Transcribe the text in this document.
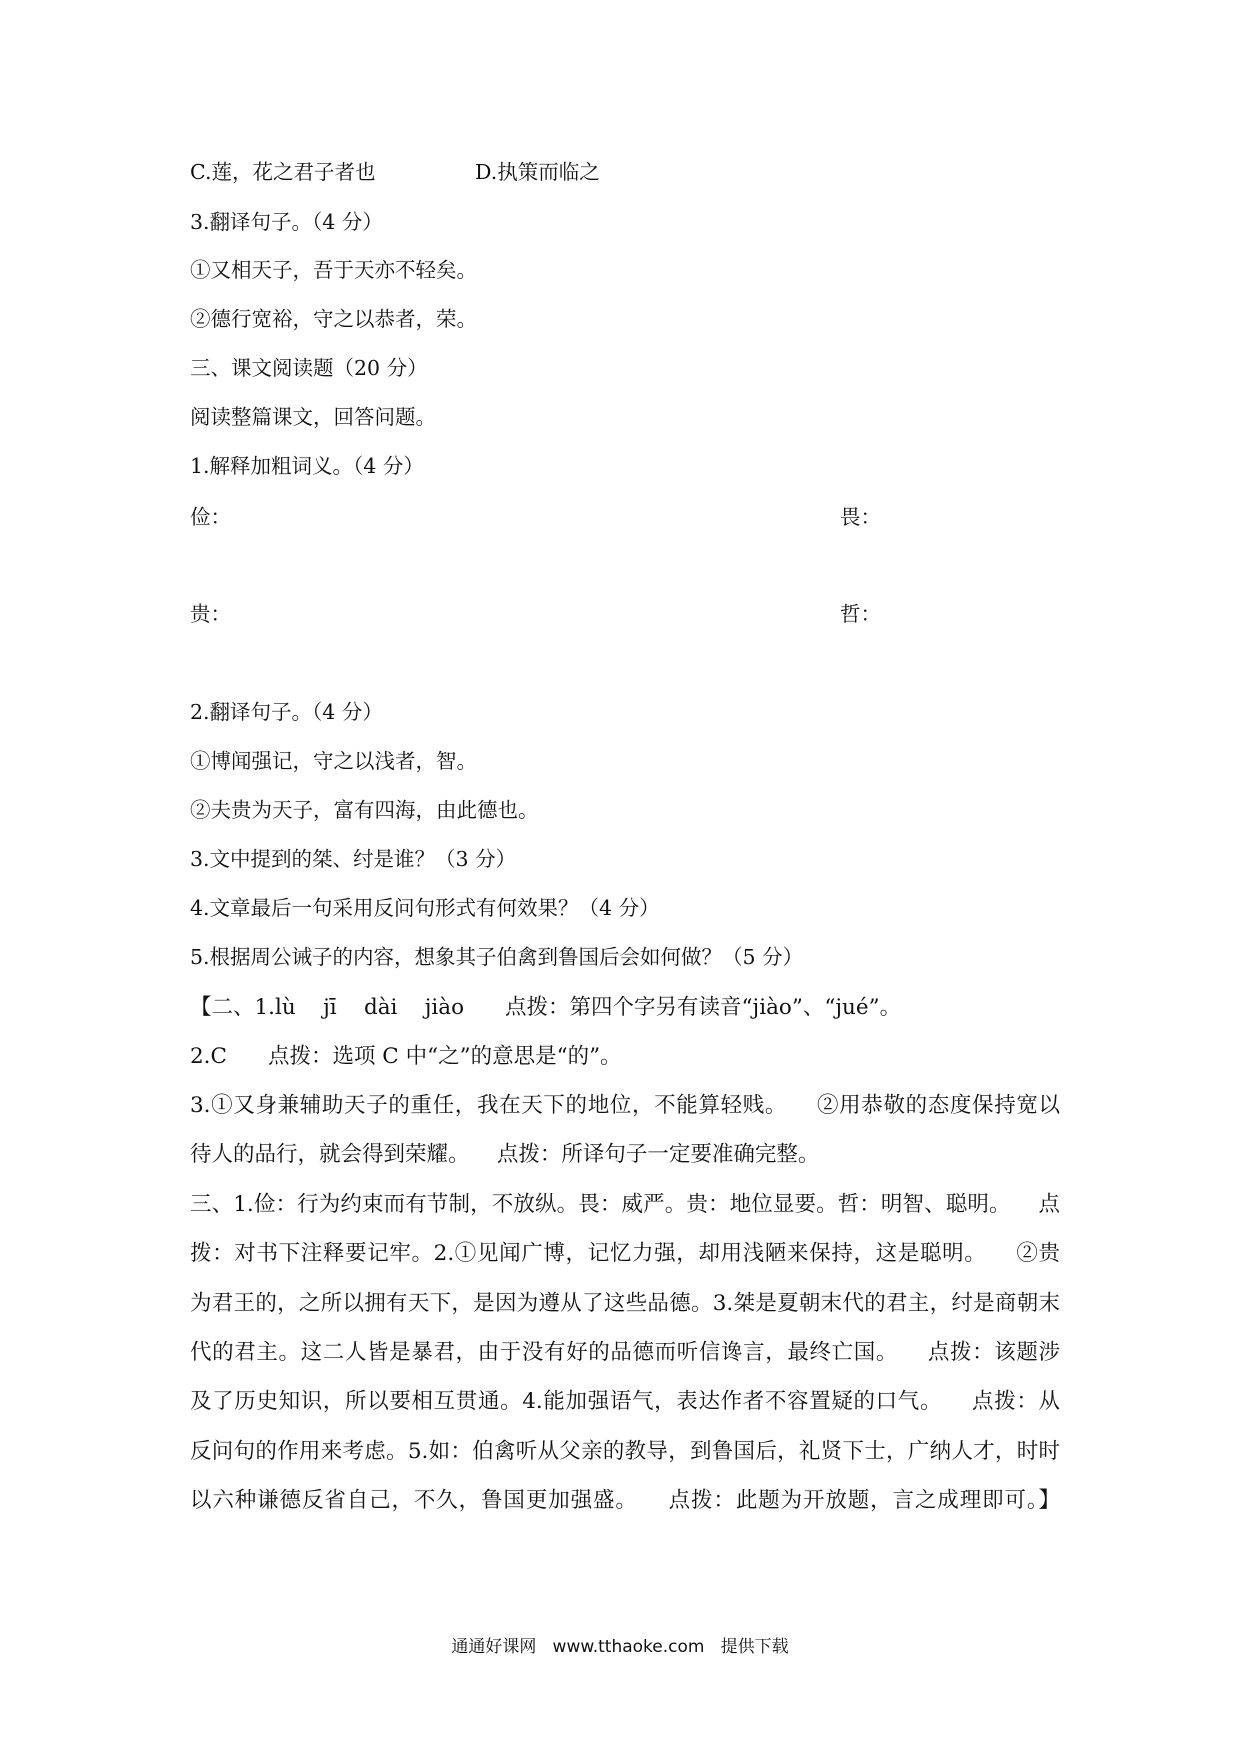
C.莲，花之君子者也	D.执策而临之
3.翻译句子。（4 分）
①又相天子，吾于天亦不轻矣。
②德行宽裕，守之以恭者，荣。
三、课文阅读题（20 分）
阅读整篇课文，回答问题。
1.解释加粗词义。（4 分）
俭：	畏：
贵：	哲：
2.翻译句子。（4 分）
①博闻强记，守之以浅者，智。
②夫贵为天子，富有四海，由此德也。
3.文中提到的桀、纣是谁？（3 分）
4.文章最后一句采用反问句形式有何效果？（4 分）
5.根据周公诫子的内容，想象其子伯禽到鲁国后会如何做？（5 分）
【二、1.lù    jī    dài    jiào      点拨：第四个字另有读音“jiào”、“jué”。
2.C      点拨：选项 C 中“之”的意思是“的”。
3.①又身兼辅助天子的重任，我在天下的地位，不能算轻贱。    ②用恭敬的态度保持宽以
待人的品行，就会得到荣耀。    点拨：所译句子一定要准确完整。
三、1.俭：行为约束而有节制，不放纵。畏：威严。贵：地位显要。哲：明智、聪明。    点
拨：对书下注释要记牢。2.①见闻广博，记忆力强，却用浅陋来保持，这是聪明。    ②贵
为君王的，之所以拥有天下，是因为遵从了这些品德。3.桀是夏朝末代的君主，纣是商朝末
代的君主。这二人皆是暴君，由于没有好的品德而听信谗言，最终亡国。    点拨：该题涉
及了历史知识，所以要相互贯通。4.能加强语气，表达作者不容置疑的口气。    点拨：从
反问句的作用来考虑。5.如：伯禽听从父亲的教导，到鲁国后，礼贤下士，广纳人才，时时
以六种谦德反省自己，不久，鲁国更加强盛。    点拨：此题为开放题，言之成理即可。】
通通好课网   www.tthaoke.com   提供下载
